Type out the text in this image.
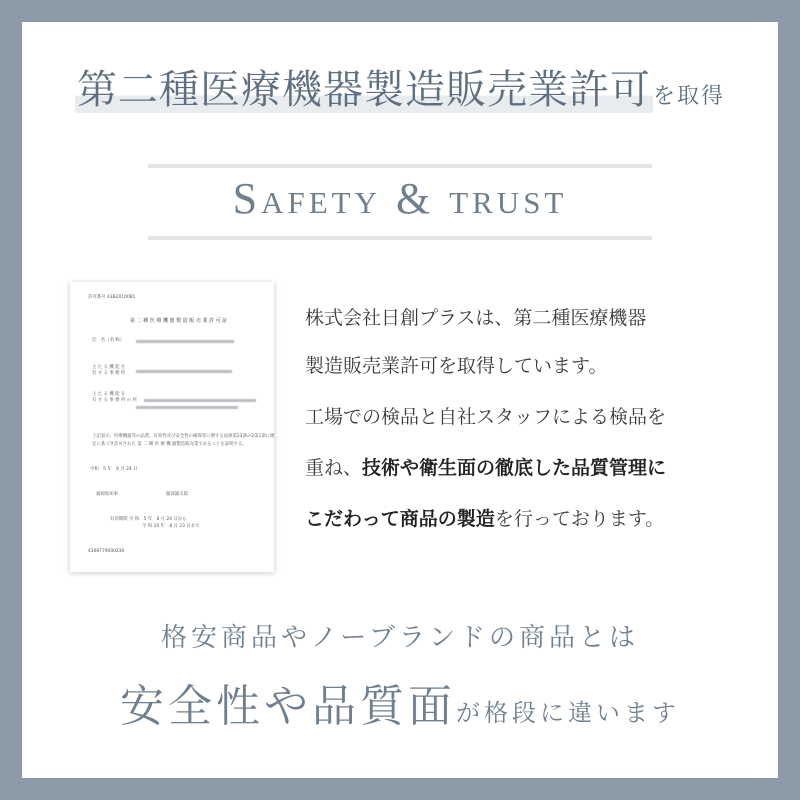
第二種医療機器製造販売業許可を取得
Safety & trust
許可番号 43B2X10081
第 二 種 医 療 機 器 製 造 販 売 業 許 可 証
氏　名（名 称）
主 た る 機 能 を
有 す る 事 務 所
主 た る 機 能 を
有 す る 事 務 所 の 所
上記表示、医療機器等の品質、有効性及び安全性の確保等に関する法律第23条の2第1項に規
定に基づき許可された 第 二 種 医 療 機 器製造販売業であることを証明する。
令和　5 年　8 月 24 日
福岡県知事	服部誠太郎
有効期間 令 和　5 年　8 月 24 日から
令 和 10 年　8 月 23 日まで
4308779000230
株式会社日創プラスは、第二種医療機器
製造販売業許可を取得しています。
工場での検品と自社スタッフによる検品を
重ね、技術や衛生面の徹底した品質管理に
こだわって商品の製造を行っております。
格安商品やノーブランドの商品とは
安全性や品質面が格段に違います
